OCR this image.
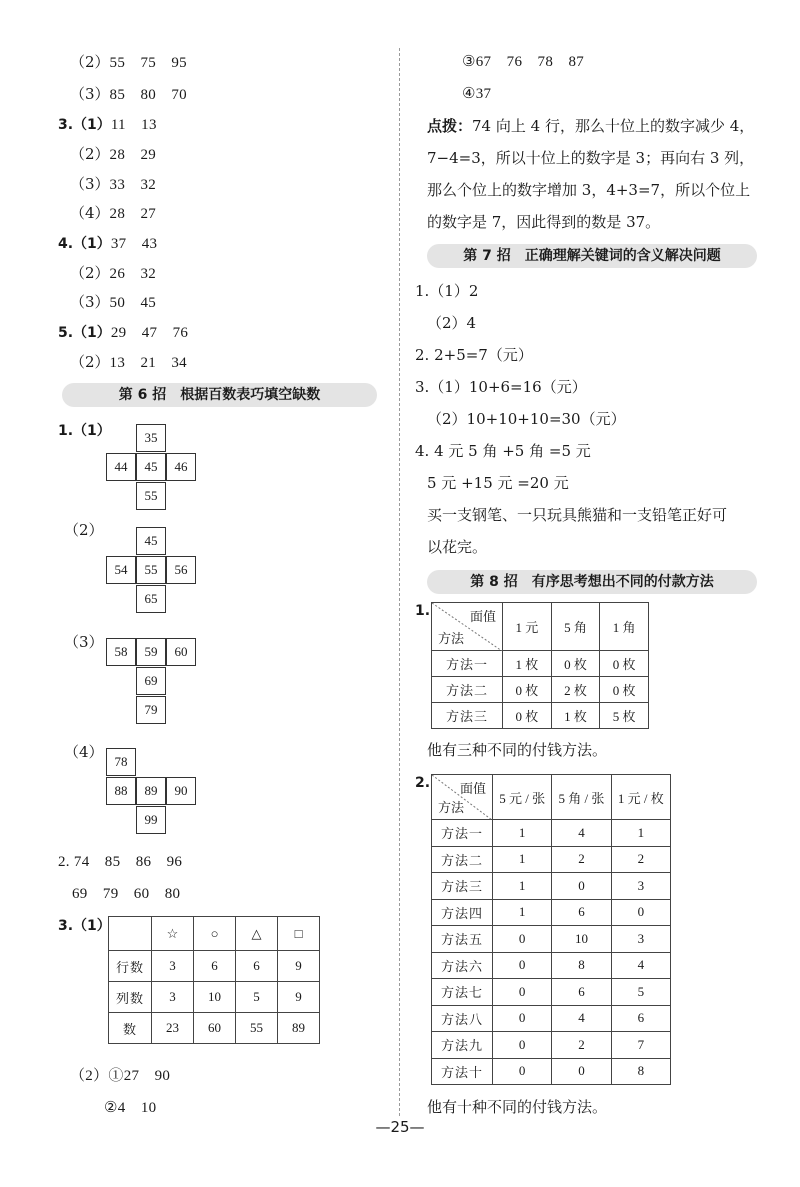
（2）55　75　95
（3）85　80　70
3.（1）11　13
（2）28　29
（3）33　32
（4）28　27
4.（1）37　43
（2）26　32
（3）50　45
5.（1）29　47　76
（2）13　21　34
第 6 招　根据百数表巧填空缺数
1.（1）	35
44	45	46
55
（2）
45
54	55	56
65
（3）
58	59	60
69
79
（4）
78
88	89	90
99
2. 74　85　86　96
69　79　60　80
3.（1）
		☆	○	△	□
行数	3	6	6	9
列数	3	10	5	9
数	23	60	55	89
（2）①27　90
②4　10
③67　76　78　87
④37
点拨：74 向上 4 行，那么十位上的数字减少 4，
7−4=3，所以十位上的数字是 3；再向右 3 列，
那么个位上的数字增加 3，4+3=7，所以个位上
的数字是 7，因此得到的数是 37。
第 7 招　正确理解关键词的含义解决问题
1.（1）2
（2）4
2. 2+5=7（元）
3.（1）10+6=16（元）
（2）10+10+10=30（元）
4. 4 元 5 角 +5 角 =5 元
5 元 +15 元 =20 元
买一支钢笔、一只玩具熊猫和一支铅笔正好可
以花完。
第 8 招　有序思考想出不同的付款方法
1.	面值
方法	1 元	5 角	1 角
方法一	1 枚	0 枚	0 枚
方法二	0 枚	2 枚	0 枚
方法三	0 枚	1 枚	5 枚
他有三种不同的付钱方法。
2. 面值
方法	5 元 / 张	5 角 / 张	1 元 / 枚
方法一	1	4	1
方法二	1	2	2
方法三	1	0	3
方法四	1	6	0
方法五	0	10	3
方法六	0	8	4
方法七	0	6	5
方法八	0	4	6
方法九	0	2	7
方法十	0	0	8
他有十种不同的付钱方法。
—25—
